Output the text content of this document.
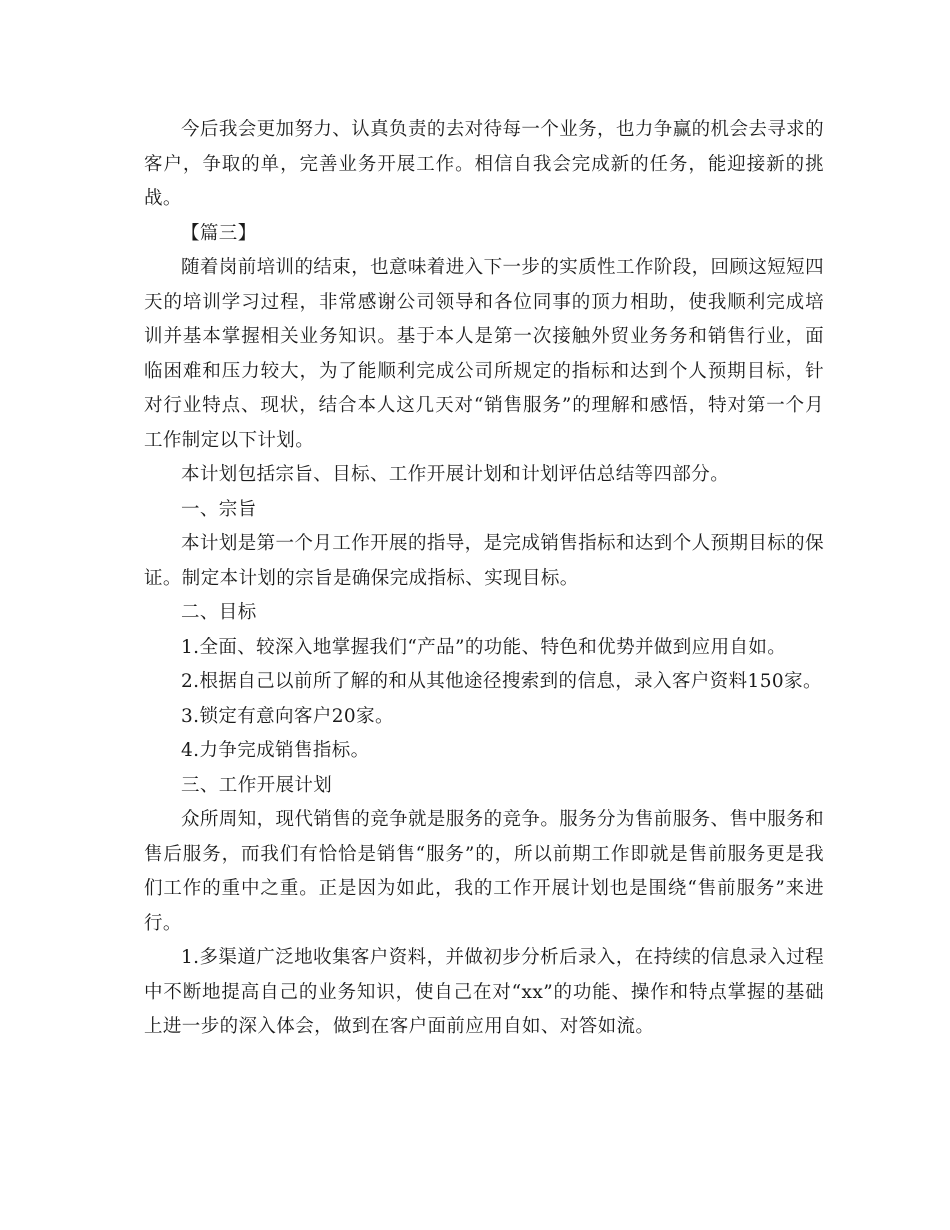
今后我会更加努力、认真负责的去对待每一个业务，也力争赢的机会去寻求的客户，争取的单，完善业务开展工作。相信自我会完成新的任务，能迎接新的挑战。

【篇三】

随着岗前培训的结束，也意味着进入下一步的实质性工作阶段，回顾这短短四天的培训学习过程，非常感谢公司领导和各位同事的顶力相助，使我顺利完成培训并基本掌握相关业务知识。基于本人是第一次接触外贸业务务和销售行业，面临困难和压力较大，为了能顺利完成公司所规定的指标和达到个人预期目标，针对行业特点、现状，结合本人这几天对“销售服务”的理解和感悟，特对第一个月工作制定以下计划。

本计划包括宗旨、目标、工作开展计划和计划评估总结等四部分。

一、宗旨

本计划是第一个月工作开展的指导，是完成销售指标和达到个人预期目标的保证。制定本计划的宗旨是确保完成指标、实现目标。

二、目标

1.全面、较深入地掌握我们“产品”的功能、特色和优势并做到应用自如。

2.根据自己以前所了解的和从其他途径搜索到的信息，录入客户资料150家。

3.锁定有意向客户20家。

4.力争完成销售指标。

三、工作开展计划

众所周知，现代销售的竞争就是服务的竞争。服务分为售前服务、售中服务和售后服务，而我们有恰恰是销售“服务”的，所以前期工作即就是售前服务更是我们工作的重中之重。正是因为如此，我的工作开展计划也是围绕“售前服务”来进行。

1.多渠道广泛地收集客户资料，并做初步分析后录入，在持续的信息录入过程中不断地提高自己的业务知识，使自己在对“xx”的功能、操作和特点掌握的基础上进一步的深入体会，做到在客户面前应用自如、对答如流。
